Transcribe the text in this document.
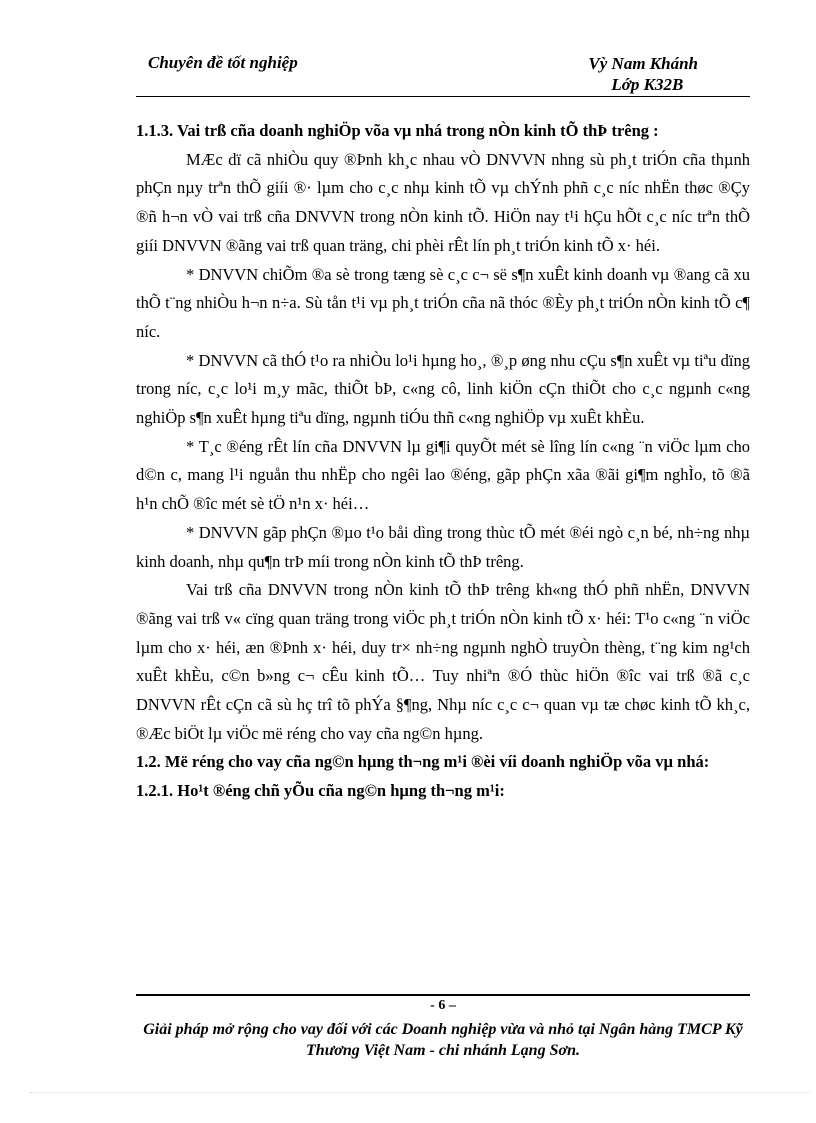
Chuyên đề tốt nghiệp	Vỳ Nam Khánh
Lớp K32B

1.1.3. Vai trß cña doanh nghiÖp võa vµ nhá trong nÒn kinh tÕ thÞ trêng :

MÆc dï cã nhiÒu quy ®Þnh kh¸c nhau vÒ DNVVN nhng sù ph¸t triÓn cña thµnh phÇn nµy trªn thÕ giíi ®· lµm cho c¸c nhµ kinh tÕ vµ chÝnh phñ c¸c níc nhËn thøc ®Çy ®ñ h¬n vÒ vai trß cña DNVVN trong nÒn kinh tÕ. HiÖn nay t¹i hÇu hÕt c¸c níc trªn thÕ giíi DNVVN ®ãng vai trß quan träng, chi phèi rÊt lín ph¸t triÓn kinh tÕ x· héi.

* DNVVN chiÕm ®a sè trong tæng sè c¸c c¬ së s¶n xuÊt kinh doanh vµ ®ang cã xu thÕ t¨ng nhiÒu h¬n n÷a. Sù tån t¹i vµ ph¸t triÓn cña nã thóc ®Èy ph¸t triÓn nÒn kinh tÕ c¶ níc.

* DNVVN cã thÓ t¹o ra nhiÒu lo¹i hµng ho¸, ®¸p øng nhu cÇu s¶n xuÊt vµ tiªu dïng trong níc, c¸c lo¹i m¸y mãc, thiÕt bÞ, c«ng cô, linh kiÖn cÇn thiÕt cho c¸c ngµnh c«ng nghiÖp s¶n xuÊt hµng tiªu dïng, ngµnh tiÓu thñ c«ng nghiÖp vµ xuÊt khÈu.

* T¸c ®éng rÊt lín cña DNVVN lµ gi¶i quyÕt mét sè lîng lín c«ng ¨n viÖc lµm cho d©n c, mang l¹i nguån thu nhËp cho ngêi lao ®éng, gãp phÇn xãa ®ãi gi¶m nghÌo, tõ ®ã h¹n chÕ ®îc mét sè tÖ n¹n x· héi…

* DNVVN gãp phÇn ®µo t¹o båi dìng trong thùc tÕ mét ®éi ngò c¸n bé, nh÷ng nhµ kinh doanh, nhµ qu¶n trÞ míi trong nÒn kinh tÕ thÞ trêng.

Vai trß cña DNVVN trong nÒn kinh tÕ thÞ trêng kh«ng thÓ phñ nhËn, DNVVN ®ãng vai trß v« cïng quan träng trong viÖc ph¸t triÓn nÒn kinh tÕ x· héi: T¹o c«ng ¨n viÖc lµm cho x· héi, æn ®Þnh x· héi, duy tr× nh÷ng ngµnh nghÒ truyÒn thèng, t¨ng kim ng¹ch xuÊt khÈu, c©n b»ng c¬ cÊu kinh tÕ… Tuy nhiªn ®Ó thùc hiÖn ®îc vai trß ®ã c¸c DNVVN rÊt cÇn cã sù hç trî tõ phÝa §¶ng, Nhµ níc c¸c c¬ quan vµ tæ chøc kinh tÕ kh¸c, ®Æc biÖt lµ viÖc më réng cho vay cña ng©n hµng.

1.2. Më réng cho vay cña ng©n hµng th¬ng m¹i ®èi víi doanh nghiÖp võa vµ nhá:

1.2.1. Ho¹t ®éng chñ yÕu cña ng©n hµng th¬ng m¹i:

- 6 –
Giải pháp mở rộng cho vay đối với các Doanh nghiệp vừa và nhỏ tại Ngân hàng TMCP Kỹ Thương Việt Nam - chi nhánh Lạng Sơn.
